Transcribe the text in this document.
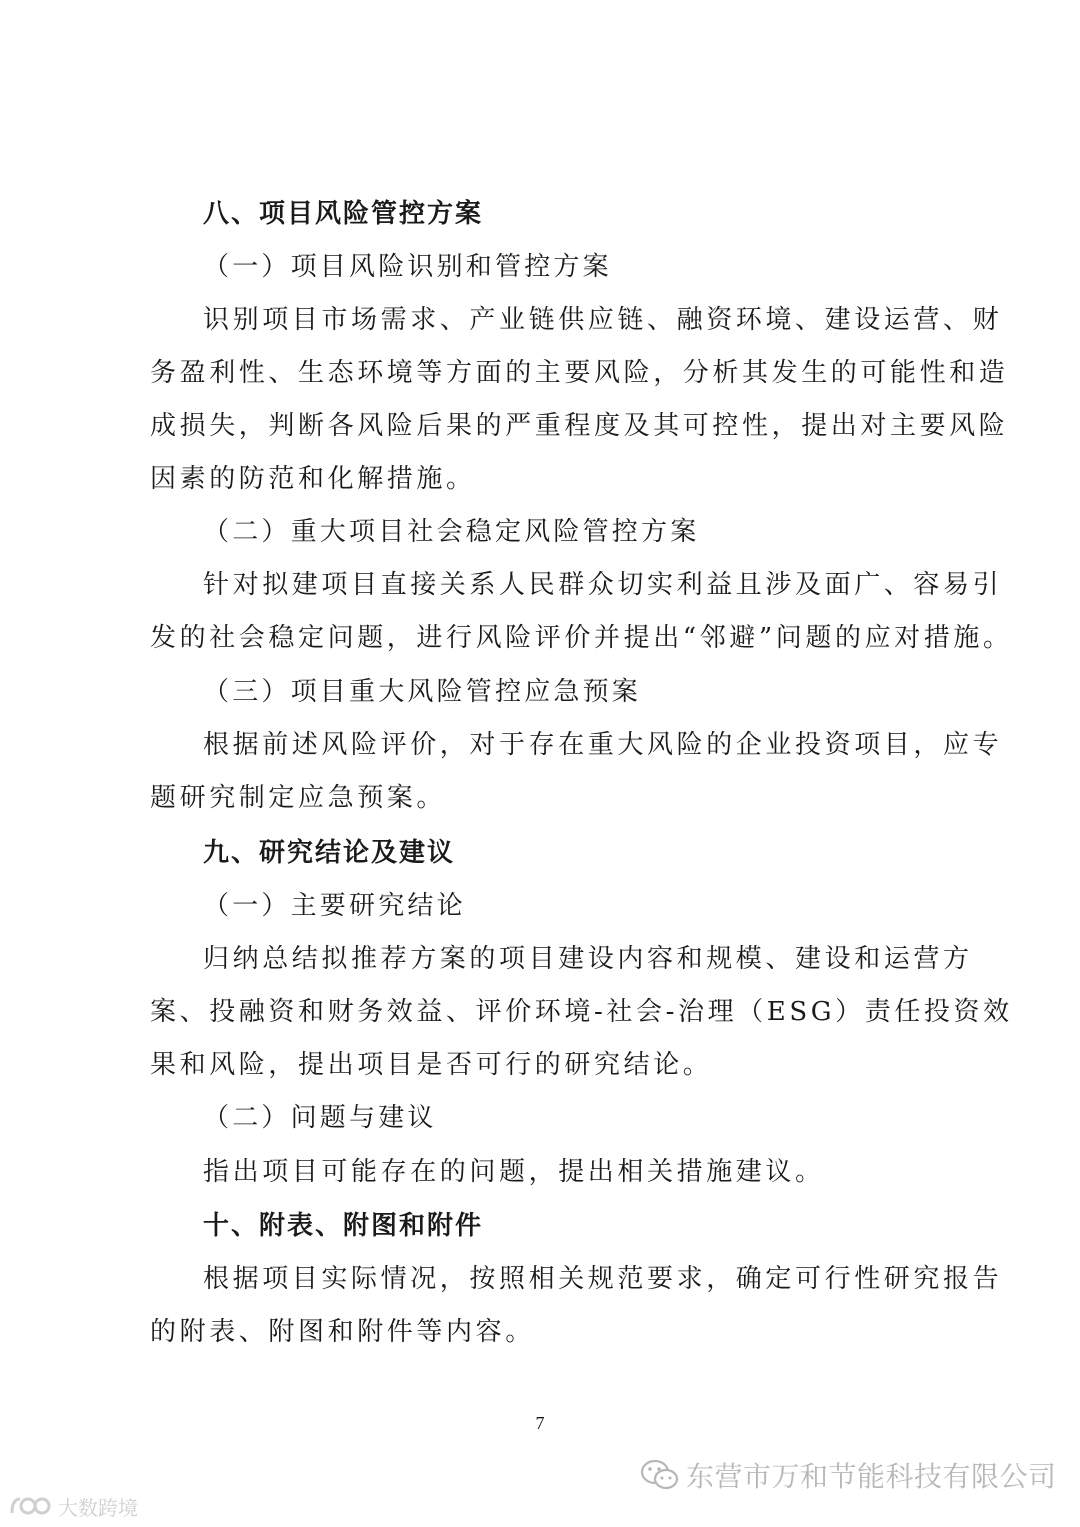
八、项目风险管控方案
（一）项目风险识别和管控方案
识别项目市场需求、产业链供应链、融资环境、建设运营、财
务盈利性、生态环境等方面的主要风险，分析其发生的可能性和造
成损失，判断各风险后果的严重程度及其可控性，提出对主要风险
因素的防范和化解措施。
（二）重大项目社会稳定风险管控方案
针对拟建项目直接关系人民群众切实利益且涉及面广、容易引
发的社会稳定问题，进行风险评价并提出“邻避”问题的应对措施。
（三）项目重大风险管控应急预案
根据前述风险评价，对于存在重大风险的企业投资项目，应专
题研究制定应急预案。
九、研究结论及建议
（一）主要研究结论
归纳总结拟推荐方案的项目建设内容和规模、建设和运营方
案、投融资和财务效益、评价环境-社会-治理（ESG）责任投资效
果和风险，提出项目是否可行的研究结论。
（二）问题与建议
指出项目可能存在的问题，提出相关措施建议。
十、附表、附图和附件
根据项目实际情况，按照相关规范要求，确定可行性研究报告
的附表、附图和附件等内容。
7
东营市万和节能科技有限公司
大数跨境
